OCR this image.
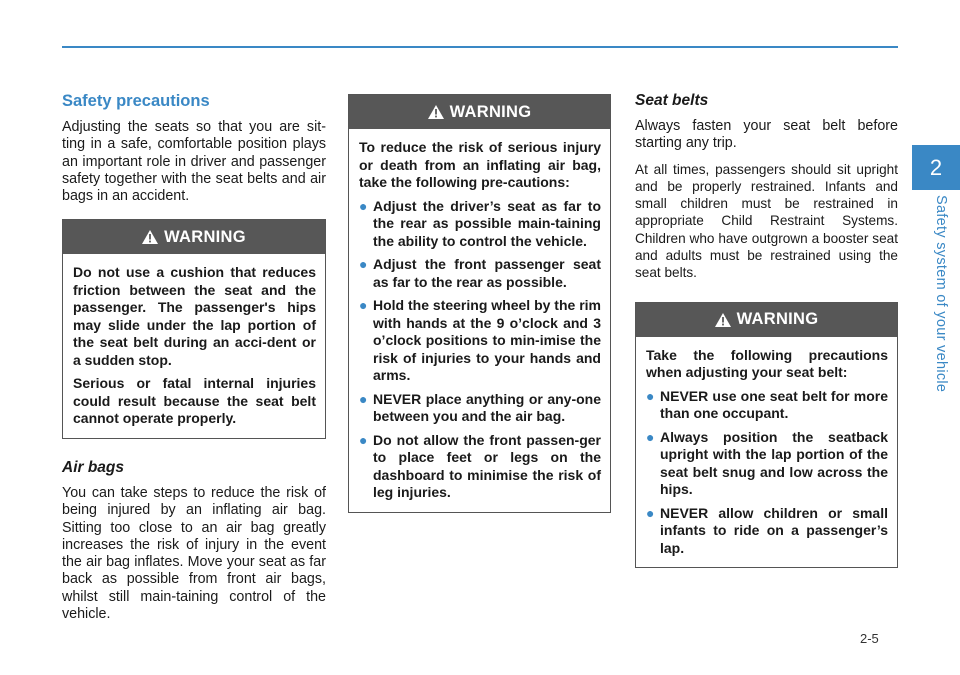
Safety precautions

Adjusting the seats so that you are sit-ting in a safe, comfortable position plays an important role in driver and passenger safety together with the seat belts and air bags in an accident.

WARNING

Do not use a cushion that reduces friction between the seat and the passenger. The passenger's hips may slide under the lap portion of the seat belt during an acci-dent or a sudden stop.

Serious or fatal internal injuries could result because the seat belt cannot operate properly.

Air bags

You can take steps to reduce the risk of being injured by an inflating air bag. Sitting too close to an air bag greatly increases the risk of injury in the event the air bag inflates. Move your seat as far back as possible from front air bags, whilst still main-taining control of the vehicle.

WARNING

To reduce the risk of serious injury or death from an inflating air bag, take the following pre-cautions:

● Adjust the driver’s seat as far to the rear as possible main-taining the ability to control the vehicle.
● Adjust the front passenger seat as far to the rear as possible.
● Hold the steering wheel by the rim with hands at the 9 o’clock and 3 o’clock positions to min-imise the risk of injuries to your hands and arms.
● NEVER place anything or any-one between you and the air bag.
● Do not allow the front passen-ger to place feet or legs on the dashboard to minimise the risk of leg injuries.
Seat belts

Always fasten your seat belt before starting any trip.

At all times, passengers should sit upright and be properly restrained. Infants and small children must be restrained in appropriate Child Restraint Systems. Children who have outgrown a booster seat and adults must be restrained using the seat belts.

WARNING

Take the following precautions when adjusting your seat belt:

● NEVER use one seat belt for more than one occupant.
● Always position the seatback upright with the lap portion of the seat belt snug and low across the hips.
● NEVER allow children or small infants to ride on a passenger’s lap.
2
Safety system of your vehicle
2-5
